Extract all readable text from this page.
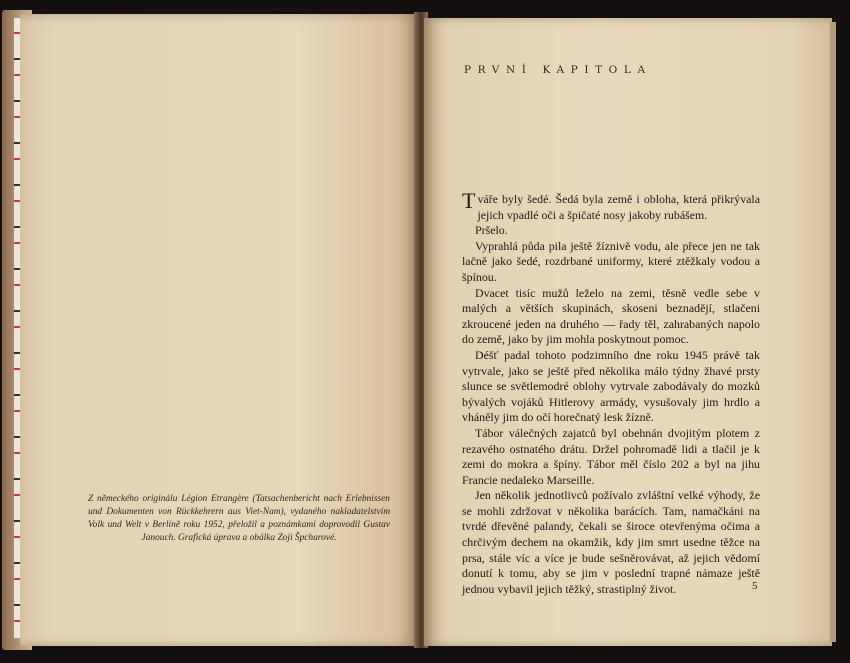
Z německého originálu Légion Etrangère (Tatsachenbericht nach Erlebnissen und Dokumenten von Rückkehrern aus Viet-Nam), vydaného nakladatelstvím Volk und Welt v Berlíně roku 1952, přeložil a poznámkami doprovodil Gustav Janouch. Grafická úprava a obálka Zoji Špcharové.
PRVNÍ KAPITOLA

Tváře byly šedé. Šedá byla země i obloha, která přikrývala jejich vpadlé oči a špičaté nosy jakoby rubášem.

Pršelo.

Vyprahlá půda pila ještě žíznivě vodu, ale přece jen ne tak lačně jako šedé, rozdrbané uniformy, které ztěžkaly vodou a špínou.

Dvacet tisíc mužů leželo na zemi, těsně vedle sebe v malých a větších skupinách, skoseni beznadějí, stlačeni zkroucené jeden na druhého — řady těl, zahrabaných napolo do země, jako by jim mohla poskytnout pomoc.

Déšť padal tohoto podzimního dne roku 1945 právě tak vytrvale, jako se ještě před několika málo týdny žhavé prsty slunce se světlemodré oblohy vytrvale zabodávaly do mozků bývalých vojáků Hitlerovy armády, vysušovaly jim hrdlo a vháněly jim do očí horečnatý lesk žízně.

Tábor válečných zajatců byl obehnán dvojitým plotem z rezavého ostnatého drátu. Držel pohromadě lidi a tlačil je k zemi do mokra a špíny. Tábor měl číslo 202 a byl na jihu Francie nedaleko Marseille.

Jen několik jednotlivců požívalo zvláštní velké výhody, že se mohli zdržovat v několika barácích. Tam, namačkáni na tvrdé dřevěné palandy, čekali se široce otevřenýma očima a chrčivým dechem na okamžik, kdy jim smrt usedne těžce na prsa, stále víc a více je bude sešněrovávat, až jejich vědomí donutí k tomu, aby se jim v poslední trapné námaze ještě jednou vybavil jejich těžký, strastiplný život.	5
